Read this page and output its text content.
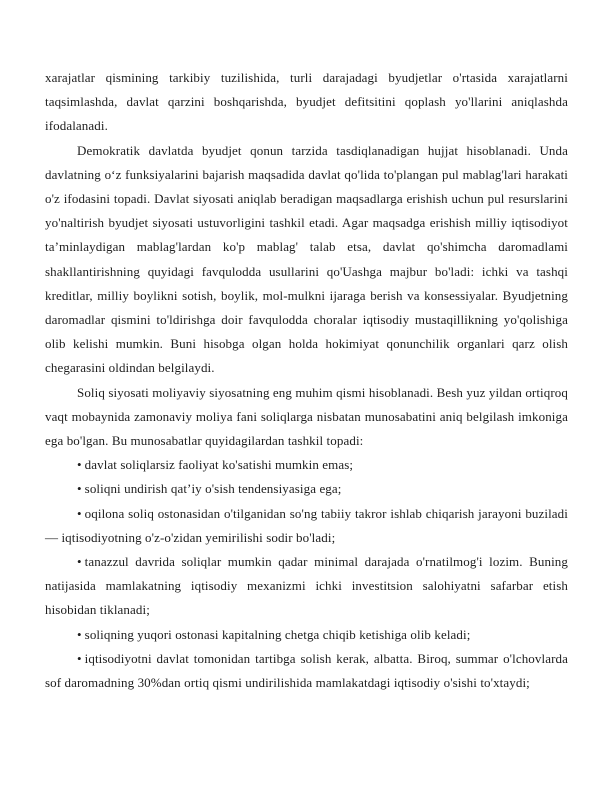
xarajatlar qismining tarkibiy tuzilishida, turli darajadagi byudjetlar o'rtasida xarajatlarni taqsimlashda, davlat qarzini boshqarishda, byudjet defitsitini qoplash yo'llarini aniqlashda ifodalanadi.

Demokratik davlatda byudjet qonun tarzida tasdiqlanadigan hujjat hisoblanadi. Unda davlatning o‘z funksiyalarini bajarish maqsadida davlat qo'lida to'plangan pul mablag'lari harakati o'z ifodasini topadi. Davlat siyosati aniqlab beradigan maqsadlarga erishish uchun pul resurslarini yo'naltirish byudjet siyosati ustuvorligini tashkil etadi. Agar maqsadga erishish milliy iqtisodiyot ta’minlaydigan mablag'lardan ko'p mablag' talab etsa, davlat qo'shimcha daromadlami shakllantirishning quyidagi favqulodda usullarini qo'Uashga majbur bo'ladi: ichki va tashqi kreditlar, milliy boylikni sotish, boylik, mol-mulkni ijaraga berish va konsessiyalar. Byudjetning daromadlar qismini to'ldirishga doir favqulodda choralar iqtisodiy mustaqillikning yo'qolishiga olib kelishi mumkin. Buni hisobga olgan holda hokimiyat qonunchilik organlari qarz olish chegarasini oldindan belgilaydi.

Soliq siyosati moliyaviy siyosatning eng muhim qismi hisoblanadi. Besh yuz yildan ortiqroq vaqt mobaynida zamonaviy moliya fani soliqlarga nisbatan munosabatini aniq belgilash imkoniga ega bo'lgan. Bu munosabatlar quyidagilardan tashkil topadi:

• davlat soliqlarsiz faoliyat ko'satishi mumkin emas;

• soliqni undirish qat’iy o'sish tendensiyasiga ega;

• oqilona soliq ostonasidan o'tilganidan so'ng tabiiy takror ishlab chiqarish jarayoni buziladi — iqtisodiyotning o'z-o'zidan yemirilishi sodir bo'ladi;

• tanazzul davrida soliqlar mumkin qadar minimal darajada o'rnatilmog'i lozim. Buning natijasida mamlakatning iqtisodiy mexanizmi ichki investitsion salohiyatni safarbar etish hisobidan tiklanadi;

• soliqning yuqori ostonasi kapitalning chetga chiqib ketishiga olib keladi;

• iqtisodiyotni davlat tomonidan tartibga solish kerak, albatta. Biroq, summar o'lchovlarda sof daromadning 30%dan ortiq qismi undirilishida mamlakatdagi iqtisodiy o'sishi to'xtaydi;
